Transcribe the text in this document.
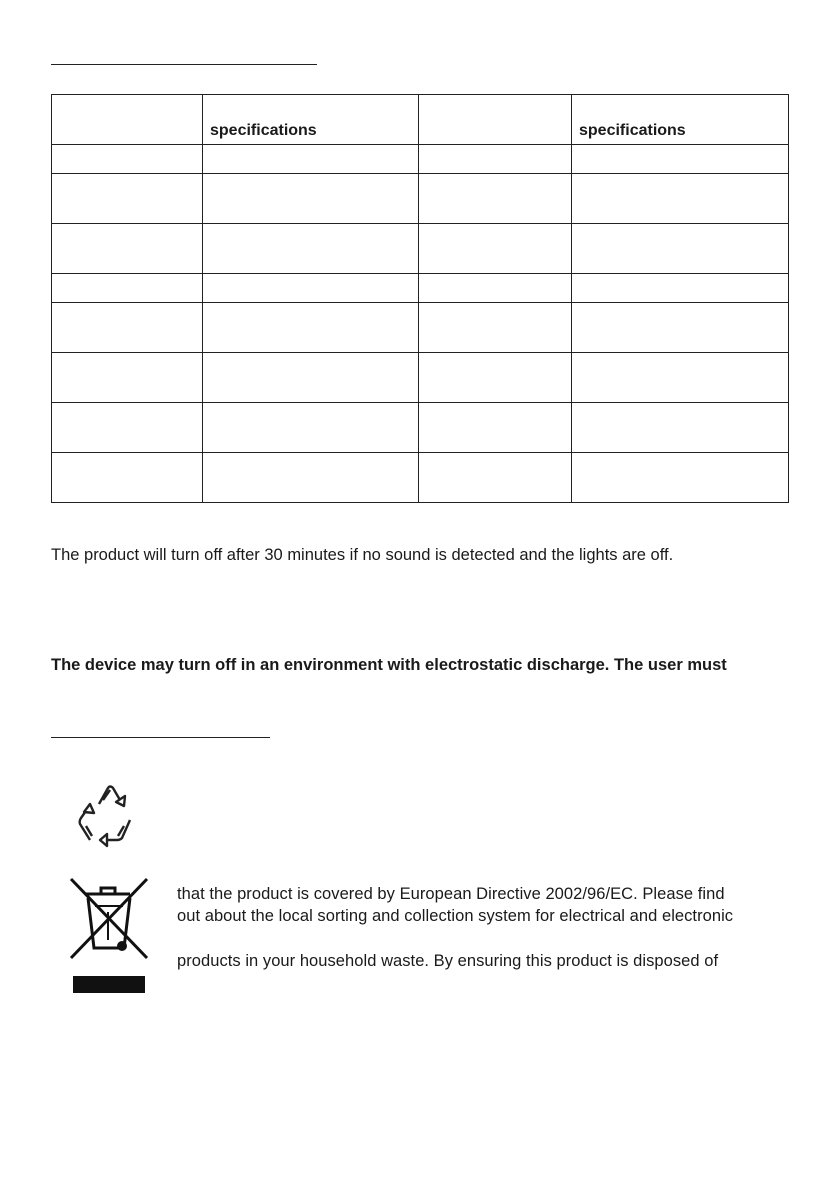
	specifications		specifications

The product will turn off after 30 minutes if no sound is detected and the lights are off.

The device may turn off in an environment with electrostatic discharge. The user must

that the product is covered by European Directive 2002/96/EC. Please find

out about the local sorting and collection system for electrical and electronic

products in your household waste. By ensuring this product is disposed of
